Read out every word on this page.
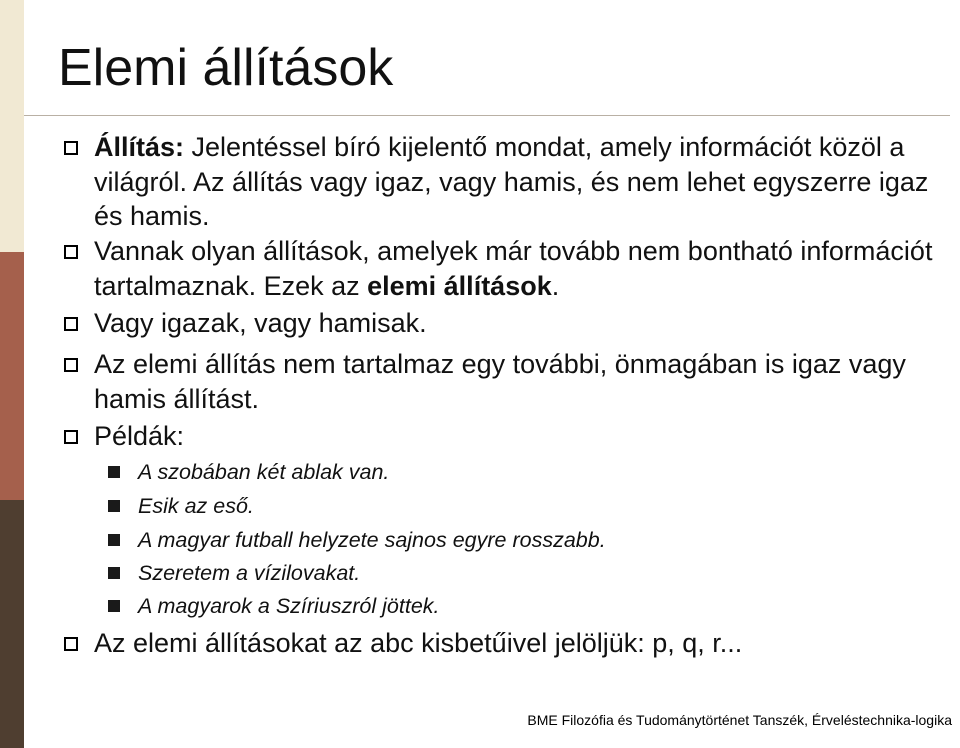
Elemi állítások
Állítás: Jelentéssel bíró kijelentő mondat, amely információt közöl a világról. Az állítás vagy igaz, vagy hamis, és nem lehet egyszerre igaz és hamis.
Vannak olyan állítások, amelyek már tovább nem bontható információt tartalmaznak. Ezek az elemi állítások.
Vagy igazak, vagy hamisak.
Az elemi állítás nem tartalmaz egy további, önmagában is igaz vagy hamis állítást.
Példák:
A szobában két ablak van.
Esik az eső.
A magyar futball helyzete sajnos egyre rosszabb.
Szeretem a vízilovakat.
A magyarok a Szíriuszról jöttek.
Az elemi állításokat az abc kisbetűivel jelöljük: p, q, r...
BME Filozófia és Tudománytörténet Tanszék, Érveléstechnika-logika
